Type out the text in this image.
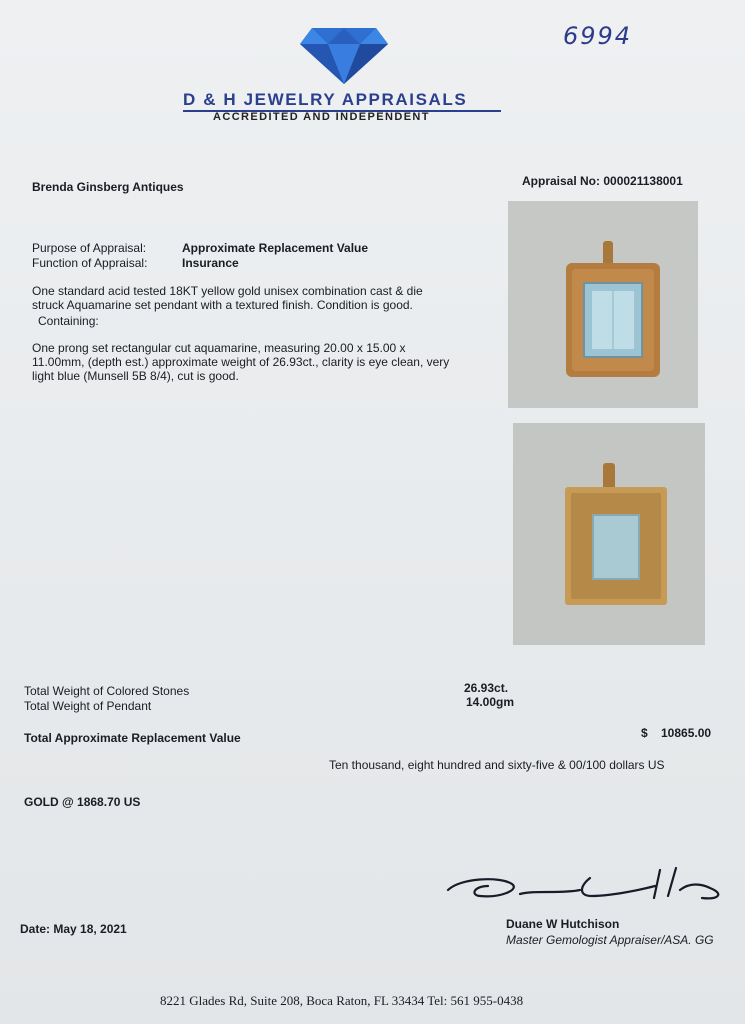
6994
D & H JEWELRY APPRAISALS
ACCREDITED AND INDEPENDENT
Brenda Ginsberg Antiques	Appraisal No: 000021138001
Purpose of Appraisal:	Approximate Replacement Value
Function of Appraisal:	Insurance
One standard acid tested 18KT yellow gold unisex combination cast & die struck Aquamarine set pendant with a textured finish. Condition is good.
Containing:
One prong set rectangular cut aquamarine, measuring 20.00 x 15.00 x 11.00mm, (depth est.) approximate weight of 26.93ct., clarity is eye clean, very light blue (Munsell 5B 8/4), cut is good.
Total Weight of Colored Stones	26.93ct.
Total Weight of Pendant	14.00gm
Total Approximate Replacement Value	$ 10865.00
Ten thousand, eight hundred and sixty-five & 00/100 dollars US
GOLD @ 1868.70 US
Date: May 18, 2021	Duane W Hutchison
Master Gemologist Appraiser/ASA. GG
8221 Glades Rd, Suite 208, Boca Raton, FL 33434 Tel: 561 955-0438
